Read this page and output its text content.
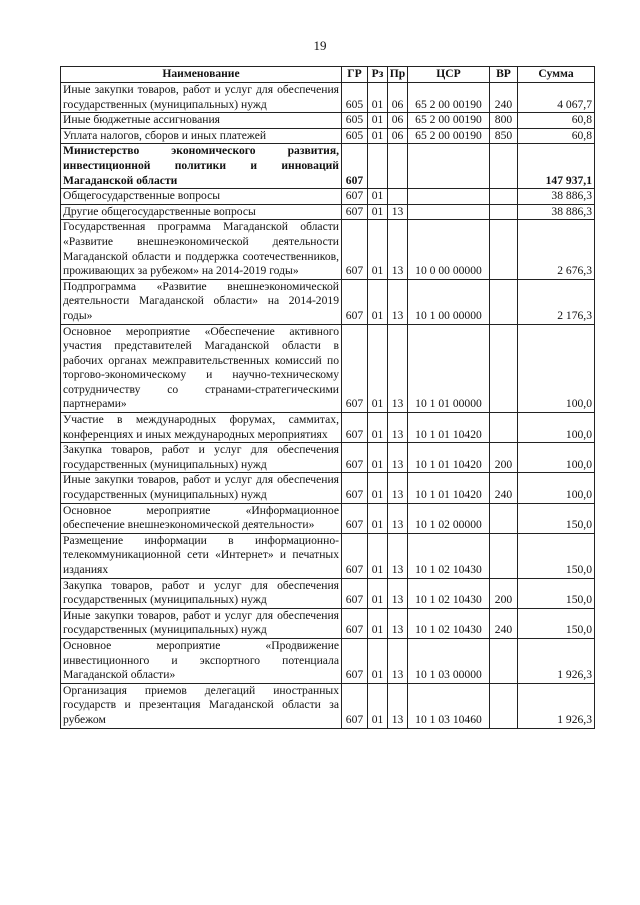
19
Наименование	ГР	Рз	Пр	ЦСР	ВР	Сумма
Иные закупки товаров, работ и услуг для обеспечения государственных (муниципальных) нужд	605	01	06	65 2 00 00190	240	4 067,7
Иные бюджетные ассигнования	605	01	06	65 2 00 00190	800	60,8
Уплата налогов, сборов и иных платежей	605	01	06	65 2 00 00190	850	60,8
Министерство экономического развития, инвестиционной политики и инноваций Магаданской области	607					147 937,1
Общегосударственные вопросы	607	01				38 886,3
Другие общегосударственные вопросы	607	01	13			38 886,3
Государственная программа Магаданской области «Развитие внешнеэкономической деятельности Магаданской области и поддержка соотечественников, проживающих за рубежом» на 2014-2019 годы»	607	01	13	10 0 00 00000		2 676,3
Подпрограмма «Развитие внешнеэкономической деятельности Магаданской области» на 2014-2019 годы»	607	01	13	10 1 00 00000		2 176,3
Основное мероприятие «Обеспечение активного участия представителей Магаданской области в рабочих органах межправительственных комиссий по торгово-экономическому и научно-техническому сотрудничеству со странами-стратегическими партнерами»	607	01	13	10 1 01 00000		100,0
Участие в международных форумах, саммитах, конференциях и иных международных мероприятиях	607	01	13	10 1 01 10420		100,0
Закупка товаров, работ и услуг для обеспечения государственных (муниципальных) нужд	607	01	13	10 1 01 10420	200	100,0
Иные закупки товаров, работ и услуг для обеспечения государственных (муниципальных) нужд	607	01	13	10 1 01 10420	240	100,0
Основное мероприятие «Информационное обеспечение внешнеэкономической деятельности»	607	01	13	10 1 02 00000		150,0
Размещение информации в информационно-телекоммуникационной сети «Интернет» и печатных изданиях	607	01	13	10 1 02 10430		150,0
Закупка товаров, работ и услуг для обеспечения государственных (муниципальных) нужд	607	01	13	10 1 02 10430	200	150,0
Иные закупки товаров, работ и услуг для обеспечения государственных (муниципальных) нужд	607	01	13	10 1 02 10430	240	150,0
Основное мероприятие «Продвижение инвестиционного и экспортного потенциала Магаданской области»	607	01	13	10 1 03 00000		1 926,3
Организация приемов делегаций иностранных государств и презентация Магаданской области за рубежом	607	01	13	10 1 03 10460		1 926,3
